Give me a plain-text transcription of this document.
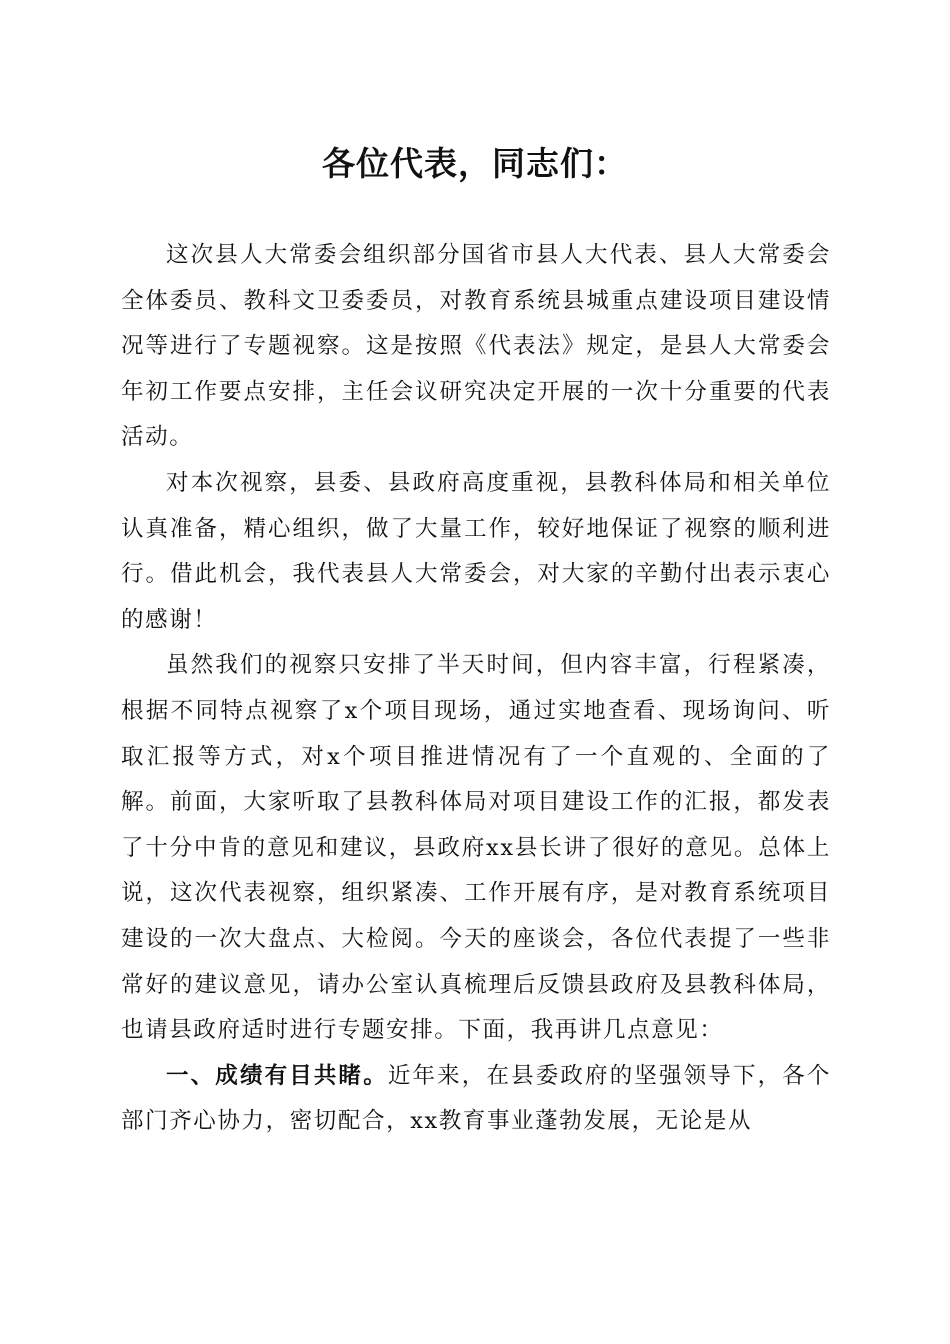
各位代表，同志们：

这次县人大常委会组织部分国省市县人大代表、县人大常委会全体委员、教科文卫委委员，对教育系统县城重点建设项目建设情况等进行了专题视察。这是按照《代表法》规定，是县人大常委会年初工作要点安排，主任会议研究决定开展的一次十分重要的代表活动。

对本次视察，县委、县政府高度重视，县教科体局和相关单位认真准备，精心组织，做了大量工作，较好地保证了视察的顺利进行。借此机会，我代表县人大常委会，对大家的辛勤付出表示衷心的感谢！

虽然我们的视察只安排了半天时间，但内容丰富，行程紧凑，根据不同特点视察了x个项目现场，通过实地查看、现场询问、听取汇报等方式，对x个项目推进情况有了一个直观的、全面的了解。前面，大家听取了县教科体局对项目建设工作的汇报，都发表了十分中肯的意见和建议，县政府xx县长讲了很好的意见。总体上说，这次代表视察，组织紧凑、工作开展有序，是对教育系统项目建设的一次大盘点、大检阅。今天的座谈会，各位代表提了一些非常好的建议意见，请办公室认真梳理后反馈县政府及县教科体局，也请县政府适时进行专题安排。下面，我再讲几点意见：

一、成绩有目共睹。近年来，在县委政府的坚强领导下，各个部门齐心协力，密切配合，xx教育事业蓬勃发展，无论是从
